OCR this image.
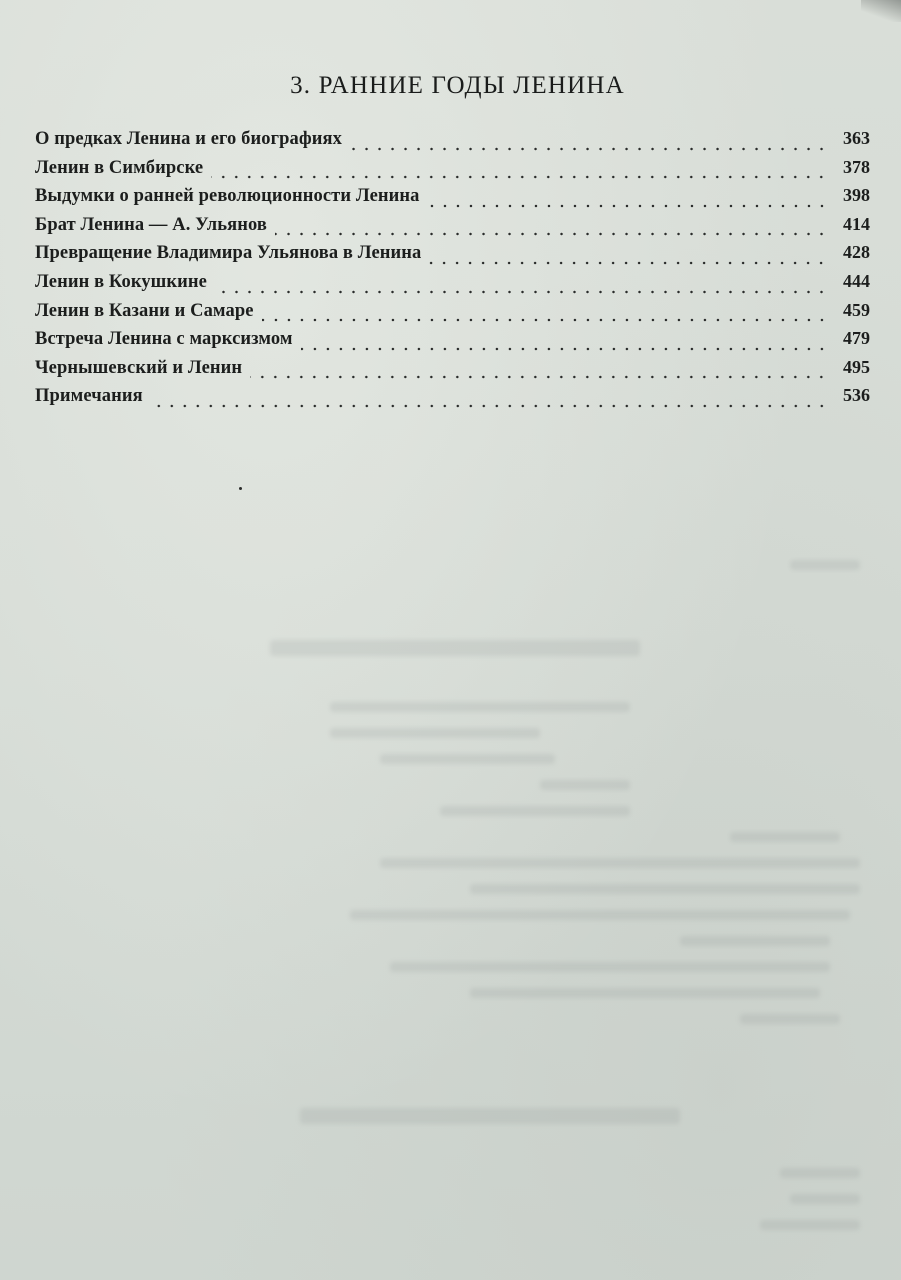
3. РАННИЕ ГОДЫ ЛЕНИНА
О предках Ленина и его биографиях	363
Ленин в Симбирске	378
Выдумки о ранней революционности Ленина	398
Брат Ленина — А. Ульянов	414
Превращение Владимира Ульянова в Ленина	428
Ленин в Кокушкине	444
Ленин в Казани и Самаре	459
Встреча Ленина с марксизмом	479
Чернышевский и Ленин	495
Примечания	536
